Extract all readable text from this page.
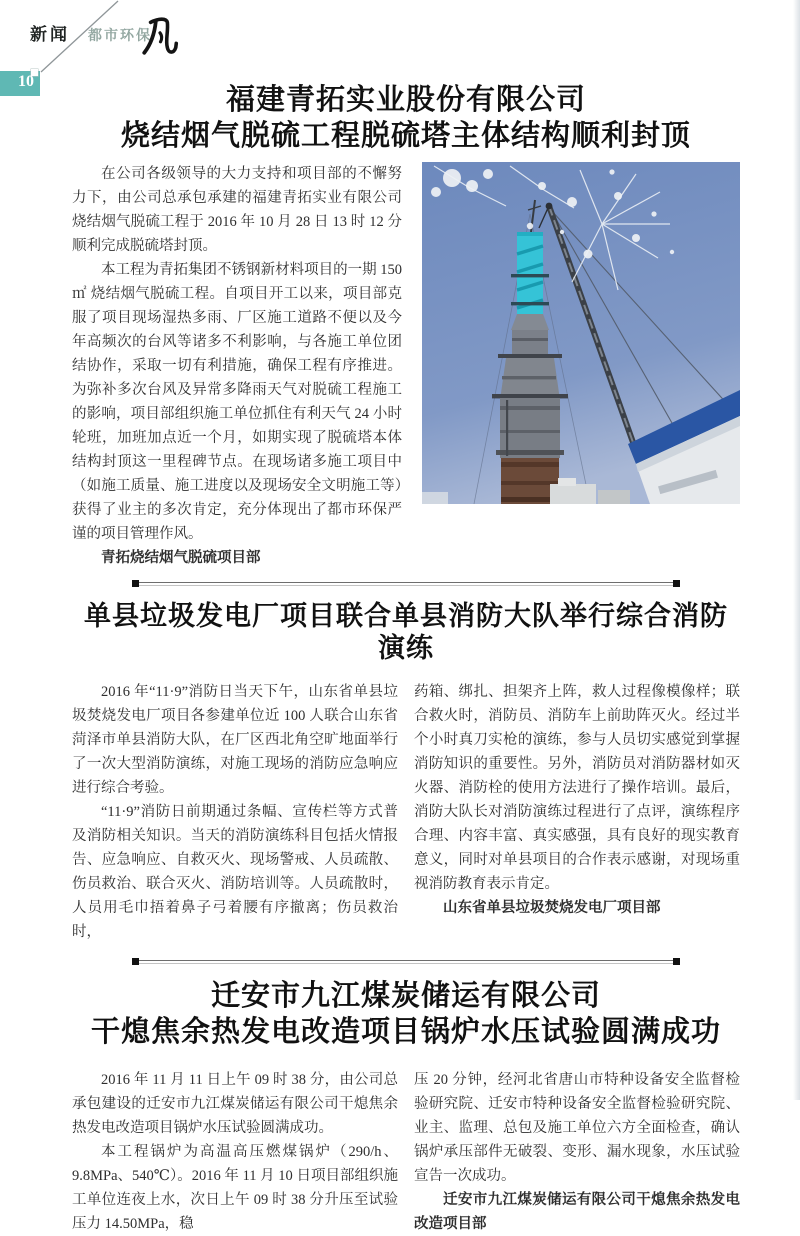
新闻 都市环保
10
福建青拓实业股份有限公司
烧结烟气脱硫工程脱硫塔主体结构顺利封顶

在公司各级领导的大力支持和项目部的不懈努力下，由公司总承包承建的福建青拓实业有限公司烧结烟气脱硫工程于 2016 年 10 月 28 日 13 时 12 分顺利完成脱硫塔封顶。

本工程为青拓集团不锈钢新材料项目的一期 150㎡ 烧结烟气脱硫工程。自项目开工以来，项目部克服了项目现场湿热多雨、厂区施工道路不便以及今年高频次的台风等诸多不利影响，与各施工单位团结协作，采取一切有利措施，确保工程有序推进。为弥补多次台风及异常多降雨天气对脱硫工程施工的影响，项目部组织施工单位抓住有利天气 24 小时轮班，加班加点近一个月，如期实现了脱硫塔本体结构封顶这一里程碑节点。在现场诸多施工项目中（如施工质量、施工进度以及现场安全文明施工等）获得了业主的多次肯定，充分体现出了都市环保严谨的项目管理作风。

青拓烧结烟气脱硫项目部

单县垃圾发电厂项目联合单县消防大队举行综合消防演练

2016 年“11·9”消防日当天下午，山东省单县垃圾焚烧发电厂项目各参建单位近 100 人联合山东省菏泽市单县消防大队，在厂区西北角空旷地面举行了一次大型消防演练，对施工现场的消防应急响应进行综合考验。

“11·9”消防日前期通过条幅、宣传栏等方式普及消防相关知识。当天的消防演练科目包括火情报告、应急响应、自救灭火、现场警戒、人员疏散、伤员救治、联合灭火、消防培训等。人员疏散时，人员用毛巾捂着鼻子弓着腰有序撤离；伤员救治时，

药箱、绑扎、担架齐上阵，救人过程像模像样；联合救火时，消防员、消防车上前助阵灭火。经过半个小时真刀实枪的演练，参与人员切实感觉到掌握消防知识的重要性。另外，消防员对消防器材如灭火器、消防栓的使用方法进行了操作培训。最后，消防大队长对消防演练过程进行了点评，演练程序合理、内容丰富、真实感强，具有良好的现实教育意义，同时对单县项目的合作表示感谢，对现场重视消防教育表示肯定。

山东省单县垃圾焚烧发电厂项目部

迁安市九江煤炭储运有限公司
干熄焦余热发电改造项目锅炉水压试验圆满成功

2016 年 11 月 11 日上午 09 时 38 分，由公司总承包建设的迁安市九江煤炭储运有限公司干熄焦余热发电改造项目锅炉水压试验圆满成功。

本工程锅炉为高温高压燃煤锅炉（290/h、9.8MPa、540℃）。2016 年 11 月 10 日项目部组织施工单位连夜上水，次日上午 09 时 38 分升压至试验压力 14.50MPa，稳

压 20 分钟，经河北省唐山市特种设备安全监督检验研究院、迁安市特种设备安全监督检验研究院、业主、监理、总包及施工单位六方全面检查，确认锅炉承压部件无破裂、变形、漏水现象，水压试验宣告一次成功。

迁安市九江煤炭储运有限公司干熄焦余热发电改造项目部
